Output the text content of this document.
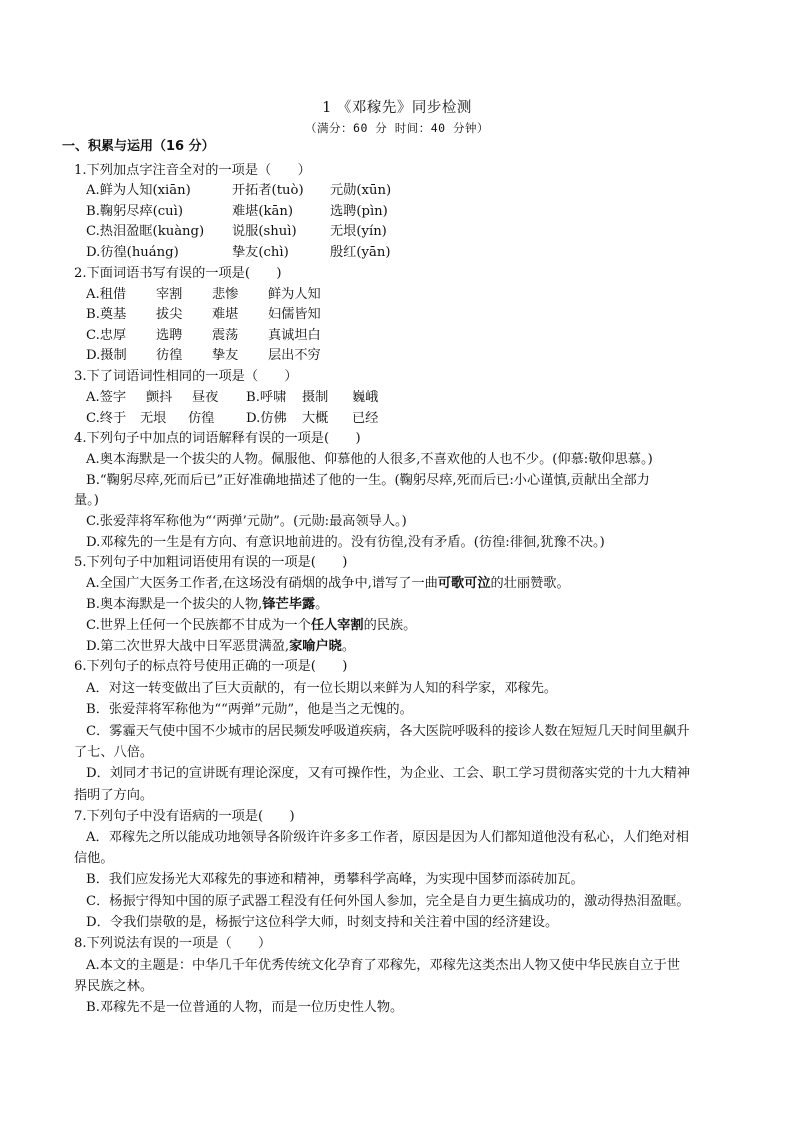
1 《邓稼先》同步检测
（满分：60 分 时间：40 分钟）
一、积累与运用（16 分）
1.下列加点字注音全对的一项是（　　）
A.鲜为人知(xiān)	开拓者(tuò) 元勋(xūn)
B.鞠躬尽瘁(cuì)	难堪(kān)	选聘(pìn)
C.热泪盈眶(kuàng) 说服(shuì)	无垠(yín)
D.彷徨(huáng)	挚友(chì)	殷红(yān)
2.下面词语书写有误的一项是(　　)
A.租借 宰割 悲惨 鲜为人知
B.奠基 拔尖 难堪 妇儒皆知
C.忠厚 选聘 震荡 真诚坦白
D.摄制 彷徨 挚友 层出不穷
3.下了词语词性相同的一项是（　　）
A.签字 颤抖 昼夜 B.呼啸 摄制 巍峨
C.终于 无垠 仿徨 D.仿佛 大概 已经
4.下列句子中加点的词语解释有误的一项是(　　)
A.奥本海默是一个拔尖的人物。佩服他、仰慕他的人很多,不喜欢他的人也不少。(仰慕:敬仰思慕。)
B.“鞠躬尽瘁,死而后已”正好准确地描述了他的一生。(鞠躬尽瘁,死而后已:小心谨慎,贡献出全部力
量。)
C.张爱萍将军称他为“‘两弹’元勋”。(元勋:最高领导人。)
D.邓稼先的一生是有方向、有意识地前进的。没有彷徨,没有矛盾。(彷徨:徘徊,犹豫不决。)
5.下列句子中加粗词语使用有误的一项是(　　)
A.全国广大医务工作者,在这场没有硝烟的战争中,谱写了一曲可歌可泣的壮丽赞歌。
B.奥本海默是一个拔尖的人物,锋芒毕露。
C.世界上任何一个民族都不甘成为一个任人宰割的民族。
D.第二次世界大战中日军恶贯满盈,家喻户晓。
6.下列句子的标点符号使用正确的一项是(　　)
A．对这一转变做出了巨大贡献的，有一位长期以来鲜为人知的科学家，邓稼先。
B．张爱萍将军称他为““两弹”元勋”，他是当之无愧的。
C．雾霾天气使中国不少城市的居民频发呼吸道疾病，各大医院呼吸科的接诊人数在短短几天时间里飙升
了七、八倍。
D．刘同才书记的宣讲既有理论深度，又有可操作性，为企业、工会、职工学习贯彻落实党的十九大精神
指明了方向。
7.下列句子中没有语病的一项是(　　)
A．邓稼先之所以能成功地领导各阶级许许多多工作者，原因是因为人们都知道他没有私心，人们绝对相
信他。
B．我们应发扬光大邓稼先的事迹和精神，勇攀科学高峰，为实现中国梦而添砖加瓦。
C．杨振宁得知中国的原子武器工程没有任何外国人参加，完全是自力更生搞成功的，激动得热泪盈眶。
D．令我们崇敬的是，杨振宁这位科学大师，时刻支持和关注着中国的经济建设。
8.下列说法有误的一项是（　　）
A.本文的主题是：中华几千年优秀传统文化孕育了邓稼先，邓稼先这类杰出人物又使中华民族自立于世
界民族之林。
B.邓稼先不是一位普通的人物，而是一位历史性人物。
